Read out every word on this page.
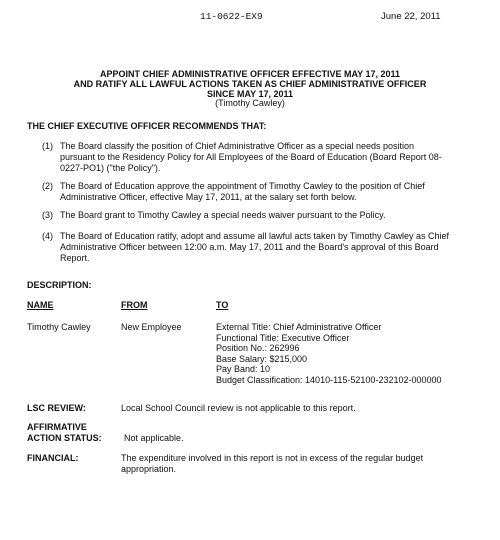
11-0622-EX9	June 22, 2011
APPOINT CHIEF ADMINISTRATIVE OFFICER EFFECTIVE MAY 17, 2011
AND RATIFY ALL LAWFUL ACTIONS TAKEN AS CHIEF ADMINISTRATIVE OFFICER
SINCE MAY 17, 2011
(Timothy Cawley)
THE CHIEF EXECUTIVE OFFICER RECOMMENDS THAT:
(1) The Board classify the position of Chief Administrative Officer as a special needs position pursuant to the Residency Policy for All Employees of the Board of Education (Board Report 08-0227-PO1) ("the Policy").
(2) The Board of Education approve the appointment of Timothy Cawley to the position of Chief Administrative Officer, effective May 17, 2011, at the salary set forth below.
(3) The Board grant to Timothy Cawley a special needs waiver pursuant to the Policy.
(4) The Board of Education ratify, adopt and assume all lawful acts taken by Timothy Cawley as Chief Administrative Officer between 12:00 a.m. May 17, 2011 and the Board's approval of this Board Report.
DESCRIPTION:
NAME	FROM	TO
Timothy Cawley	New Employee	External Title: Chief Administrative Officer
Functional Title: Executive Officer
Position No.: 262996
Base Salary: $215,000
Pay Band: 10
Budget Classification: 14010-115-52100-232102-000000
LSC REVIEW:	Local School Council review is not applicable to this report.
AFFIRMATIVE
ACTION STATUS: Not applicable.
FINANCIAL:	The expenditure involved in this report is not in excess of the regular budget appropriation.
